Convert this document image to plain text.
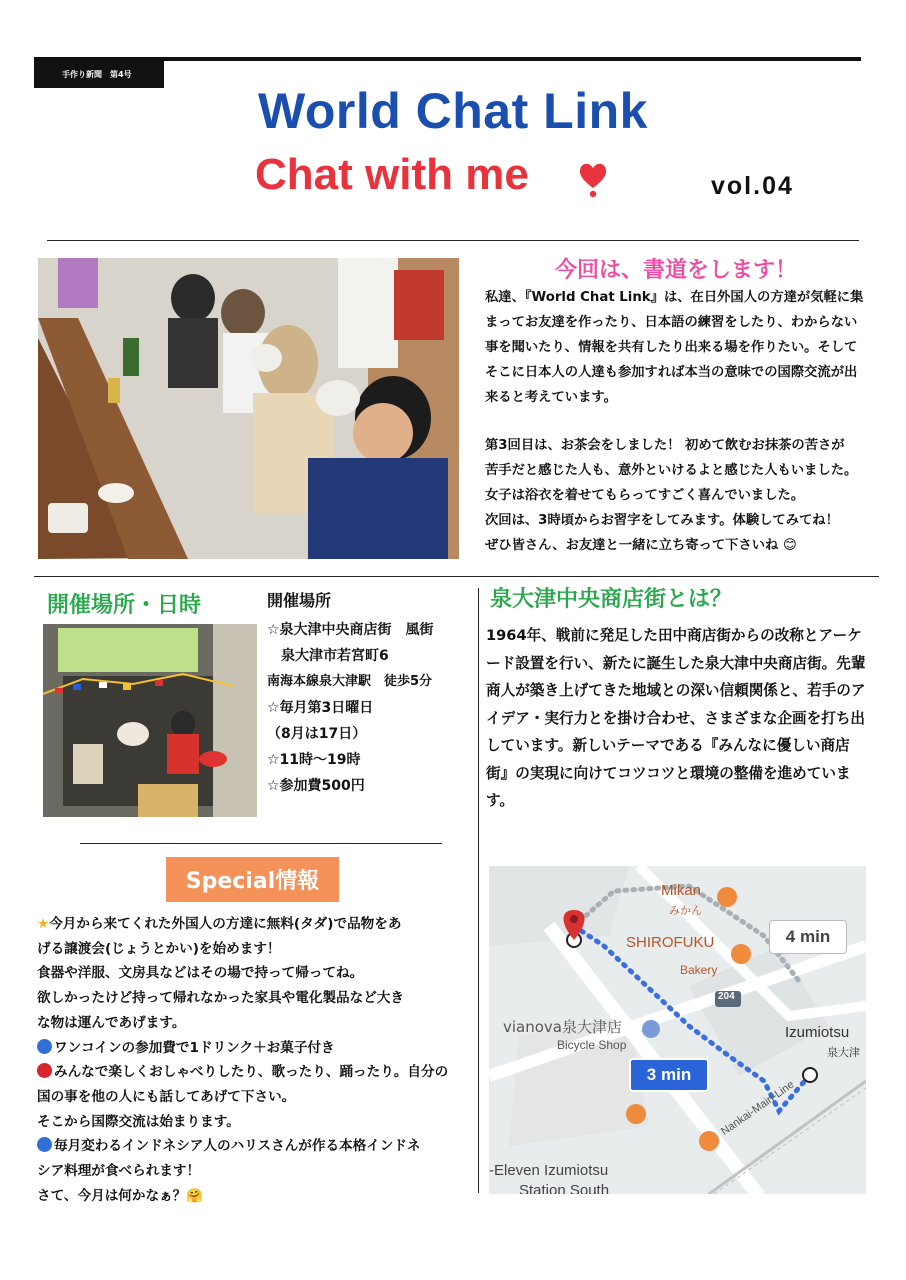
手作り新聞　第4号
World Chat Link
Chat with me	vol.04
今回は、書道をします！
私達、『World Chat Link』は、在日外国人の方達が気軽に集まってお友達を作ったり、日本語の練習をしたり、わからない事を聞いたり、情報を共有したり出来る場を作りたい。そしてそこに日本人の人達も参加すれば本当の意味での国際交流が出来ると考えています。
第3回目は、お茶会をしました！ 初めて飲むお抹茶の苦さが
苦手だと感じた人も、意外といけるよと感じた人もいました。
女子は浴衣を着せてもらってすごく喜んでいました。
次回は、3時頃からお習字をしてみます。体験してみてね！
ぜひ皆さん、お友達と一緒に立ち寄って下さいね 😊
開催場所・日時	開催場所
☆泉大津中央商店街　風街
　泉大津市若宮町6
南海本線泉大津駅　徒歩5分
☆毎月第3日曜日
（8月は17日）
☆11時〜19時
☆参加費500円
泉大津中央商店街とは？
1964年、戦前に発足した田中商店街からの改称とアーケード設置を行い、新たに誕生した泉大津中央商店街。先輩商人が築き上げてきた地域との深い信頼関係と、若手のアイデア・実行力とを掛け合わせ、さまざまな企画を打ち出しています。新しいテーマである『みんなに優しい商店街』の実現に向けてコツコツと環境の整備を進めています。
Special情報
★今月から来てくれた外国人の方達に無料(タダ)で品物をあ
げる譲渡会(じょうとかい)を始めます！
食器や洋服、文房具などはその場で持って帰ってね。
欲しかったけど持って帰れなかった家具や電化製品など大き
な物は運んであげます。
ワンコインの参加費で1ドリンク＋お菓子付き
みんなで楽しくおしゃべりしたり、歌ったり、踊ったり。自分の
国の事を他の人にも話してあげて下さい。
そこから国際交流は始まります。
毎月変わるインドネシア人のハリスさんが作る本格インドネ
シア料理が食べられます！
さて、今月は何かなぁ？🤗
Mikan
みかん
SHIROFUKU
Bakery
vianova泉大津店
Bicycle Shop
Izumiotsu
泉大津
204
-Eleven Izumiotsu
Station South
Nankai-Main-Line
4 min
3 min
